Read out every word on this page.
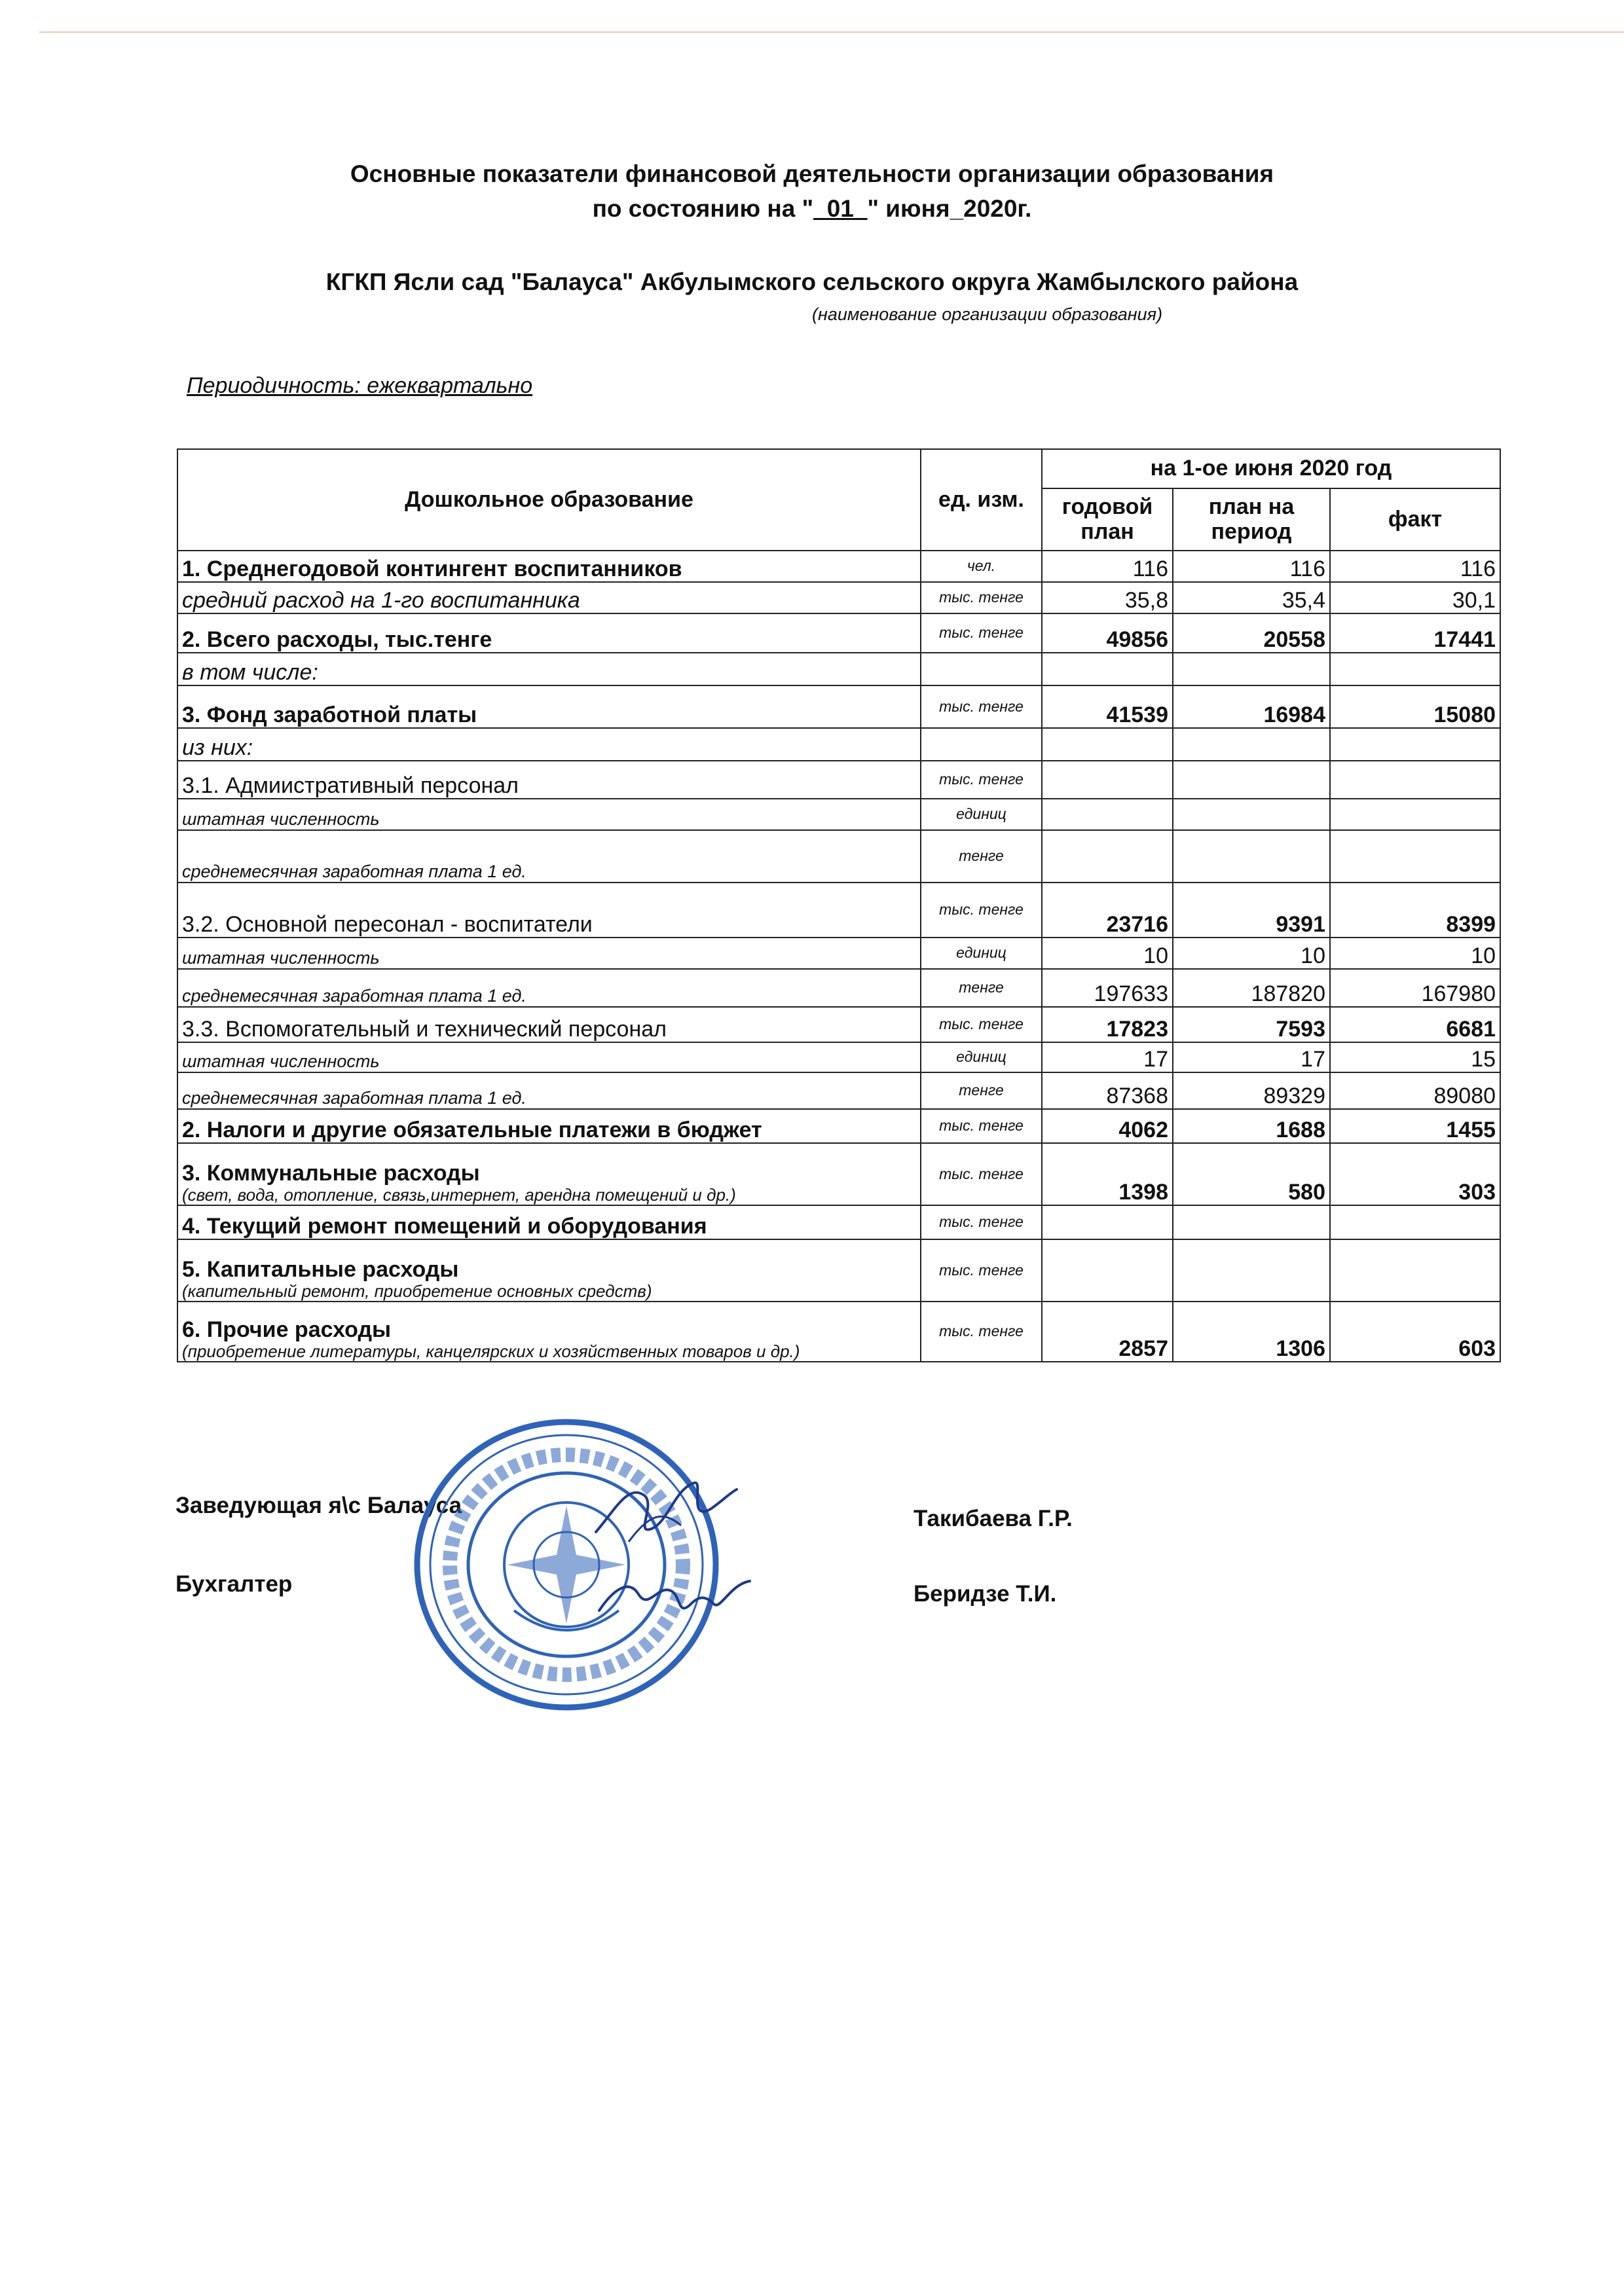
Основные показатели финансовой деятельности организации образования
по состоянию на "_01_" июня_2020г.
КГКП Ясли сад "Балауса" Акбулымского сельского округа Жамбылского района
(наименование организации образования)
Периодичность: ежеквартально
Дошкольное образование	ед. изм.	на 1-ое июня 2020 год		
		годовой план	план на период	факт
1. Среднегодовой контингент воспитанников	чел.	116	116	116
средний расход на 1-го воспитанника	тыс. тенге	35,8	35,4	30,1
2. Всего расходы, тыс.тенге	тыс. тенге	49856	20558	17441
в том числе:				
3. Фонд заработной платы	тыс. тенге	41539	16984	15080
из них:				
3.1. Адмиистративный персонал	тыс. тенге			
штатная численность	единиц			
среднемесячная заработная плата 1 ед.	тенге			
3.2. Основной пересонал - воспитатели	тыс. тенге	23716	9391	8399
штатная численность	единиц	10	10	10
среднемесячная заработная плата 1 ед.	тенге	197633	187820	167980
3.3. Вспомогательный и технический персонал	тыс. тенге	17823	7593	6681
штатная численность	единиц	17	17	15
среднемесячная заработная плата 1 ед.	тенге	87368	89329	89080
2. Налоги и другие обязательные платежи в бюджет	тыс. тенге	4062	1688	1455
3. Коммунальные расходы
(свет, вода, отопление, связь,интернет, арендна помещений и др.)	тыс. тенге	1398	580	303
4. Текущий ремонт помещений и оборудования	тыс. тенге			
5. Капитальные расходы
(капительный ремонт, приобретение основных средств)	тыс. тенге			
6. Прочие расходы
(приобретение литературы, канцелярских и хозяйственных товаров и др.)	тыс. тенге	2857	1306	603
Заведующая я\с Балауса
Такибаева Г.Р.
Бухгалтер	Беридзе Т.И.
